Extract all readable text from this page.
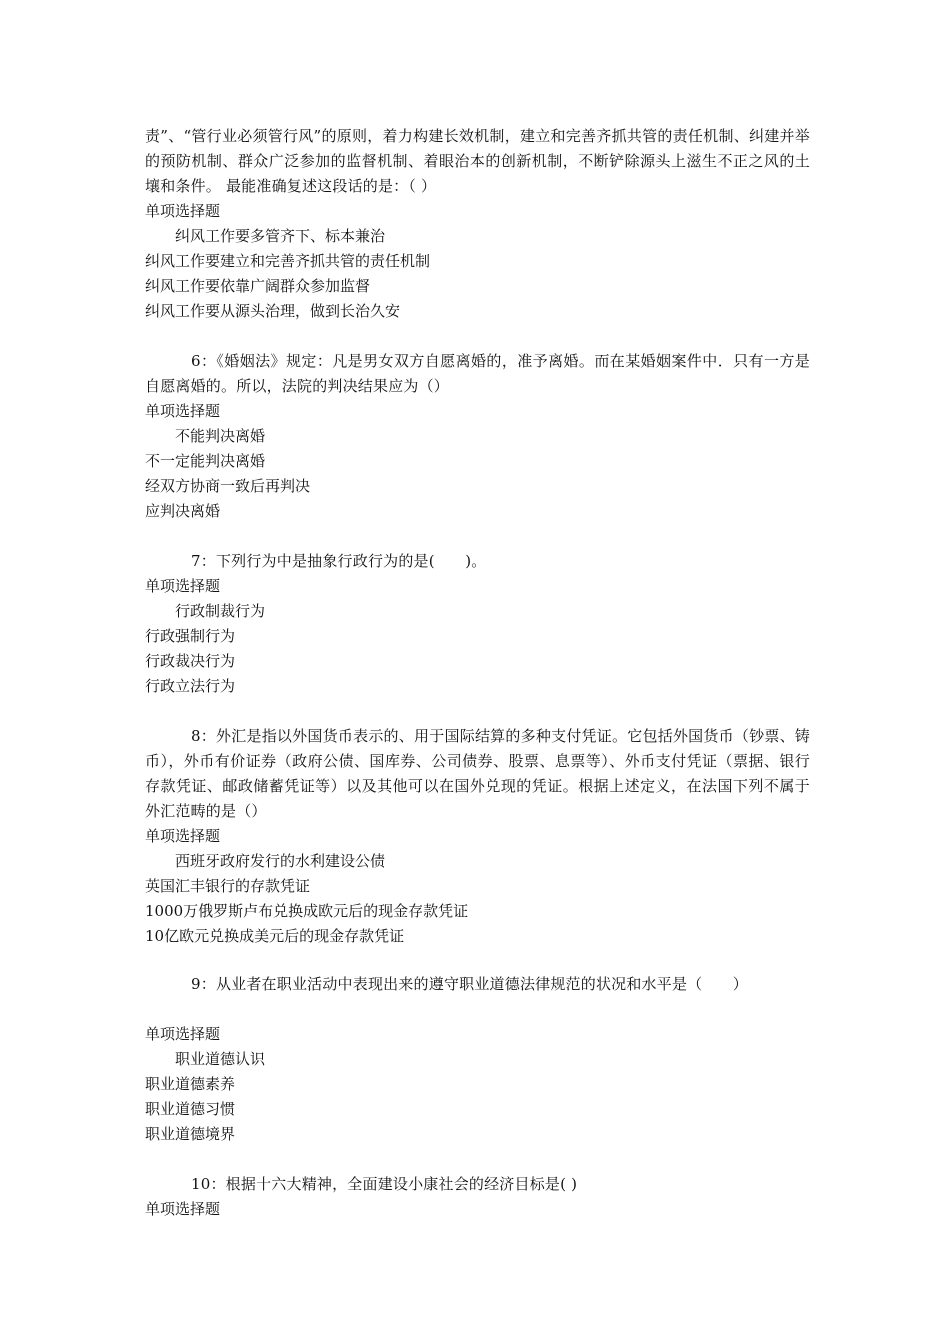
责”、“管行业必须管行风”的原则，着力构建长效机制，建立和完善齐抓共管的责任机制、纠建并举的预防机制、群众广泛参加的监督机制、着眼治本的创新机制，不断铲除源头上滋生不正之风的土壤和条件。 最能准确复述这段话的是：（ ）

单项选择题

纠风工作要多管齐下、标本兼治

纠风工作要建立和完善齐抓共管的责任机制

纠风工作要依靠广阔群众参加监督

纠风工作要从源头治理，做到长治久安

6：《婚姻法》规定：凡是男女双方自愿离婚的，准予离婚。而在某婚姻案件中．只有一方是自愿离婚的。所以，法院的判决结果应为（）

单项选择题

不能判决离婚

不一定能判决离婚

经双方协商一致后再判决

应判决离婚

7：下列行为中是抽象行政行为的是(　　)。

单项选择题

行政制裁行为

行政强制行为

行政裁决行为

行政立法行为

8：外汇是指以外国货币表示的、用于国际结算的多种支付凭证。它包括外国货币（钞票、铸币），外币有价证券（政府公债、国库券、公司债券、股票、息票等）、外币支付凭证（票据、银行存款凭证、邮政储蓄凭证等）以及其他可以在国外兑现的凭证。根据上述定义，在法国下列不属于外汇范畴的是（）

单项选择题

西班牙政府发行的水利建设公债

英国汇丰银行的存款凭证

1000万俄罗斯卢布兑换成欧元后的现金存款凭证

10亿欧元兑换成美元后的现金存款凭证

9：从业者在职业活动中表现出来的遵守职业道德法律规范的状况和水平是（　　）

单项选择题

职业道德认识

职业道德素养

职业道德习惯

职业道德境界

10：根据十六大精神，全面建设小康社会的经济目标是( )

单项选择题
